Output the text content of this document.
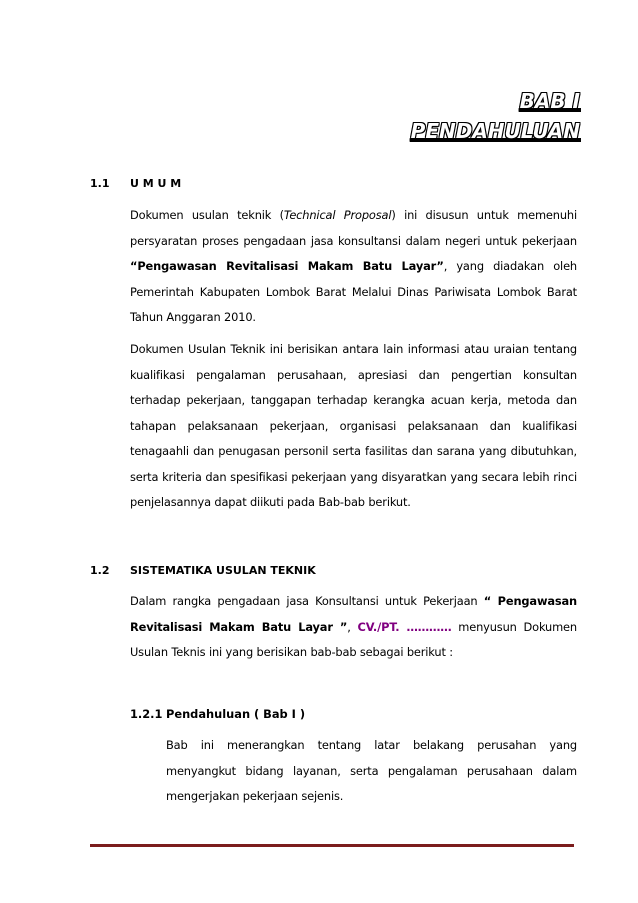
BAB I
PENDAHULUAN
1.1 U M U M
Dokumen usulan teknik (Technical Proposal) ini disusun untuk memenuhi persyaratan proses pengadaan jasa konsultansi dalam negeri untuk pekerjaan “Pengawasan Revitalisasi Makam Batu Layar”, yang diadakan oleh Pemerintah Kabupaten Lombok Barat Melalui Dinas Pariwisata Lombok Barat Tahun Anggaran 2010.
Dokumen Usulan Teknik ini berisikan antara lain informasi atau uraian tentang kualifikasi pengalaman perusahaan, apresiasi dan pengertian konsultan terhadap pekerjaan, tanggapan terhadap kerangka acuan kerja, metoda dan tahapan pelaksanaan pekerjaan, organisasi pelaksanaan dan kualifikasi tenagaahli dan penugasan personil serta fasilitas dan sarana yang dibutuhkan, serta kriteria dan spesifikasi pekerjaan yang disyaratkan yang secara lebih rinci penjelasannya dapat diikuti pada Bab-bab berikut.
1.2 SISTEMATIKA USULAN TEKNIK
Dalam rangka pengadaan jasa Konsultansi untuk Pekerjaan “ Pengawasan Revitalisasi Makam Batu Layar ”, CV./PT. ………… menyusun Dokumen Usulan Teknis ini yang berisikan bab-bab sebagai berikut :
1.2.1 Pendahuluan ( Bab I )
Bab ini menerangkan tentang latar belakang perusahan yang menyangkut bidang layanan, serta pengalaman perusahaan dalam mengerjakan pekerjaan sejenis.
